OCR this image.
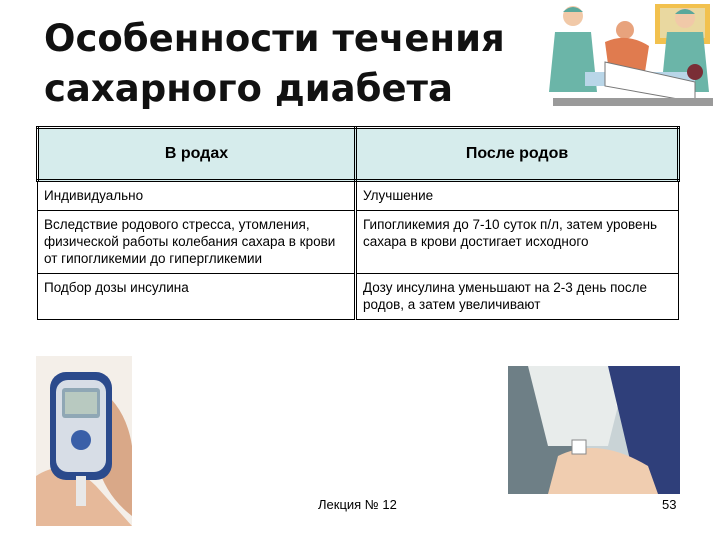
Особенности течения
сахарного диабета
В родах	После родов
Индивидуально	Улучшение
Вследствие родового стресса, утомления, физической работы колебания сахара в крови от гипогликемии до гипергликемии	Гипогликемия до 7-10 суток п/л, затем уровень сахара в крови достигает исходного
Подбор дозы инсулина	Дозу инсулина уменьшают на 2-3 день после родов, а затем увеличивают
Лекция № 12	53
